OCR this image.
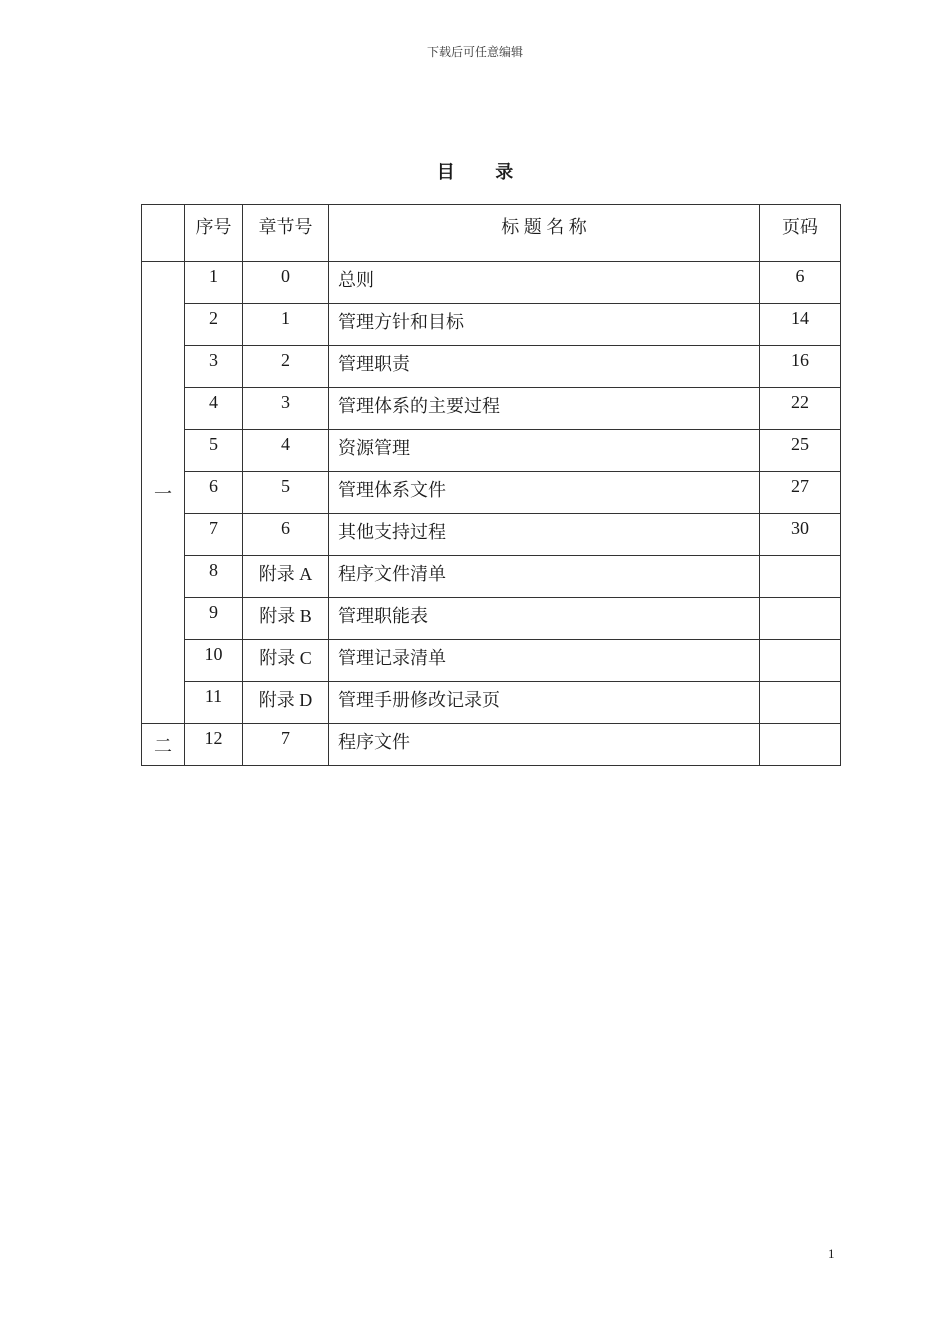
下载后可任意编辑
目 录
	序号	章节号	标 题 名 称	页码
一	1	0	总则	6
	2	1	管理方针和目标	14
	3	2	管理职责	16
	4	3	管理体系的主要过程	22
	5	4	资源管理	25
	6	5	管理体系文件	27
	7	6	其他支持过程	30
	8	附录 A	程序文件清单	
	9	附录 B	管理职能表	
	10	附录 C	管理记录清单	
	11	附录 D	管理手册修改记录页	
二	12	7	程序文件	
1
